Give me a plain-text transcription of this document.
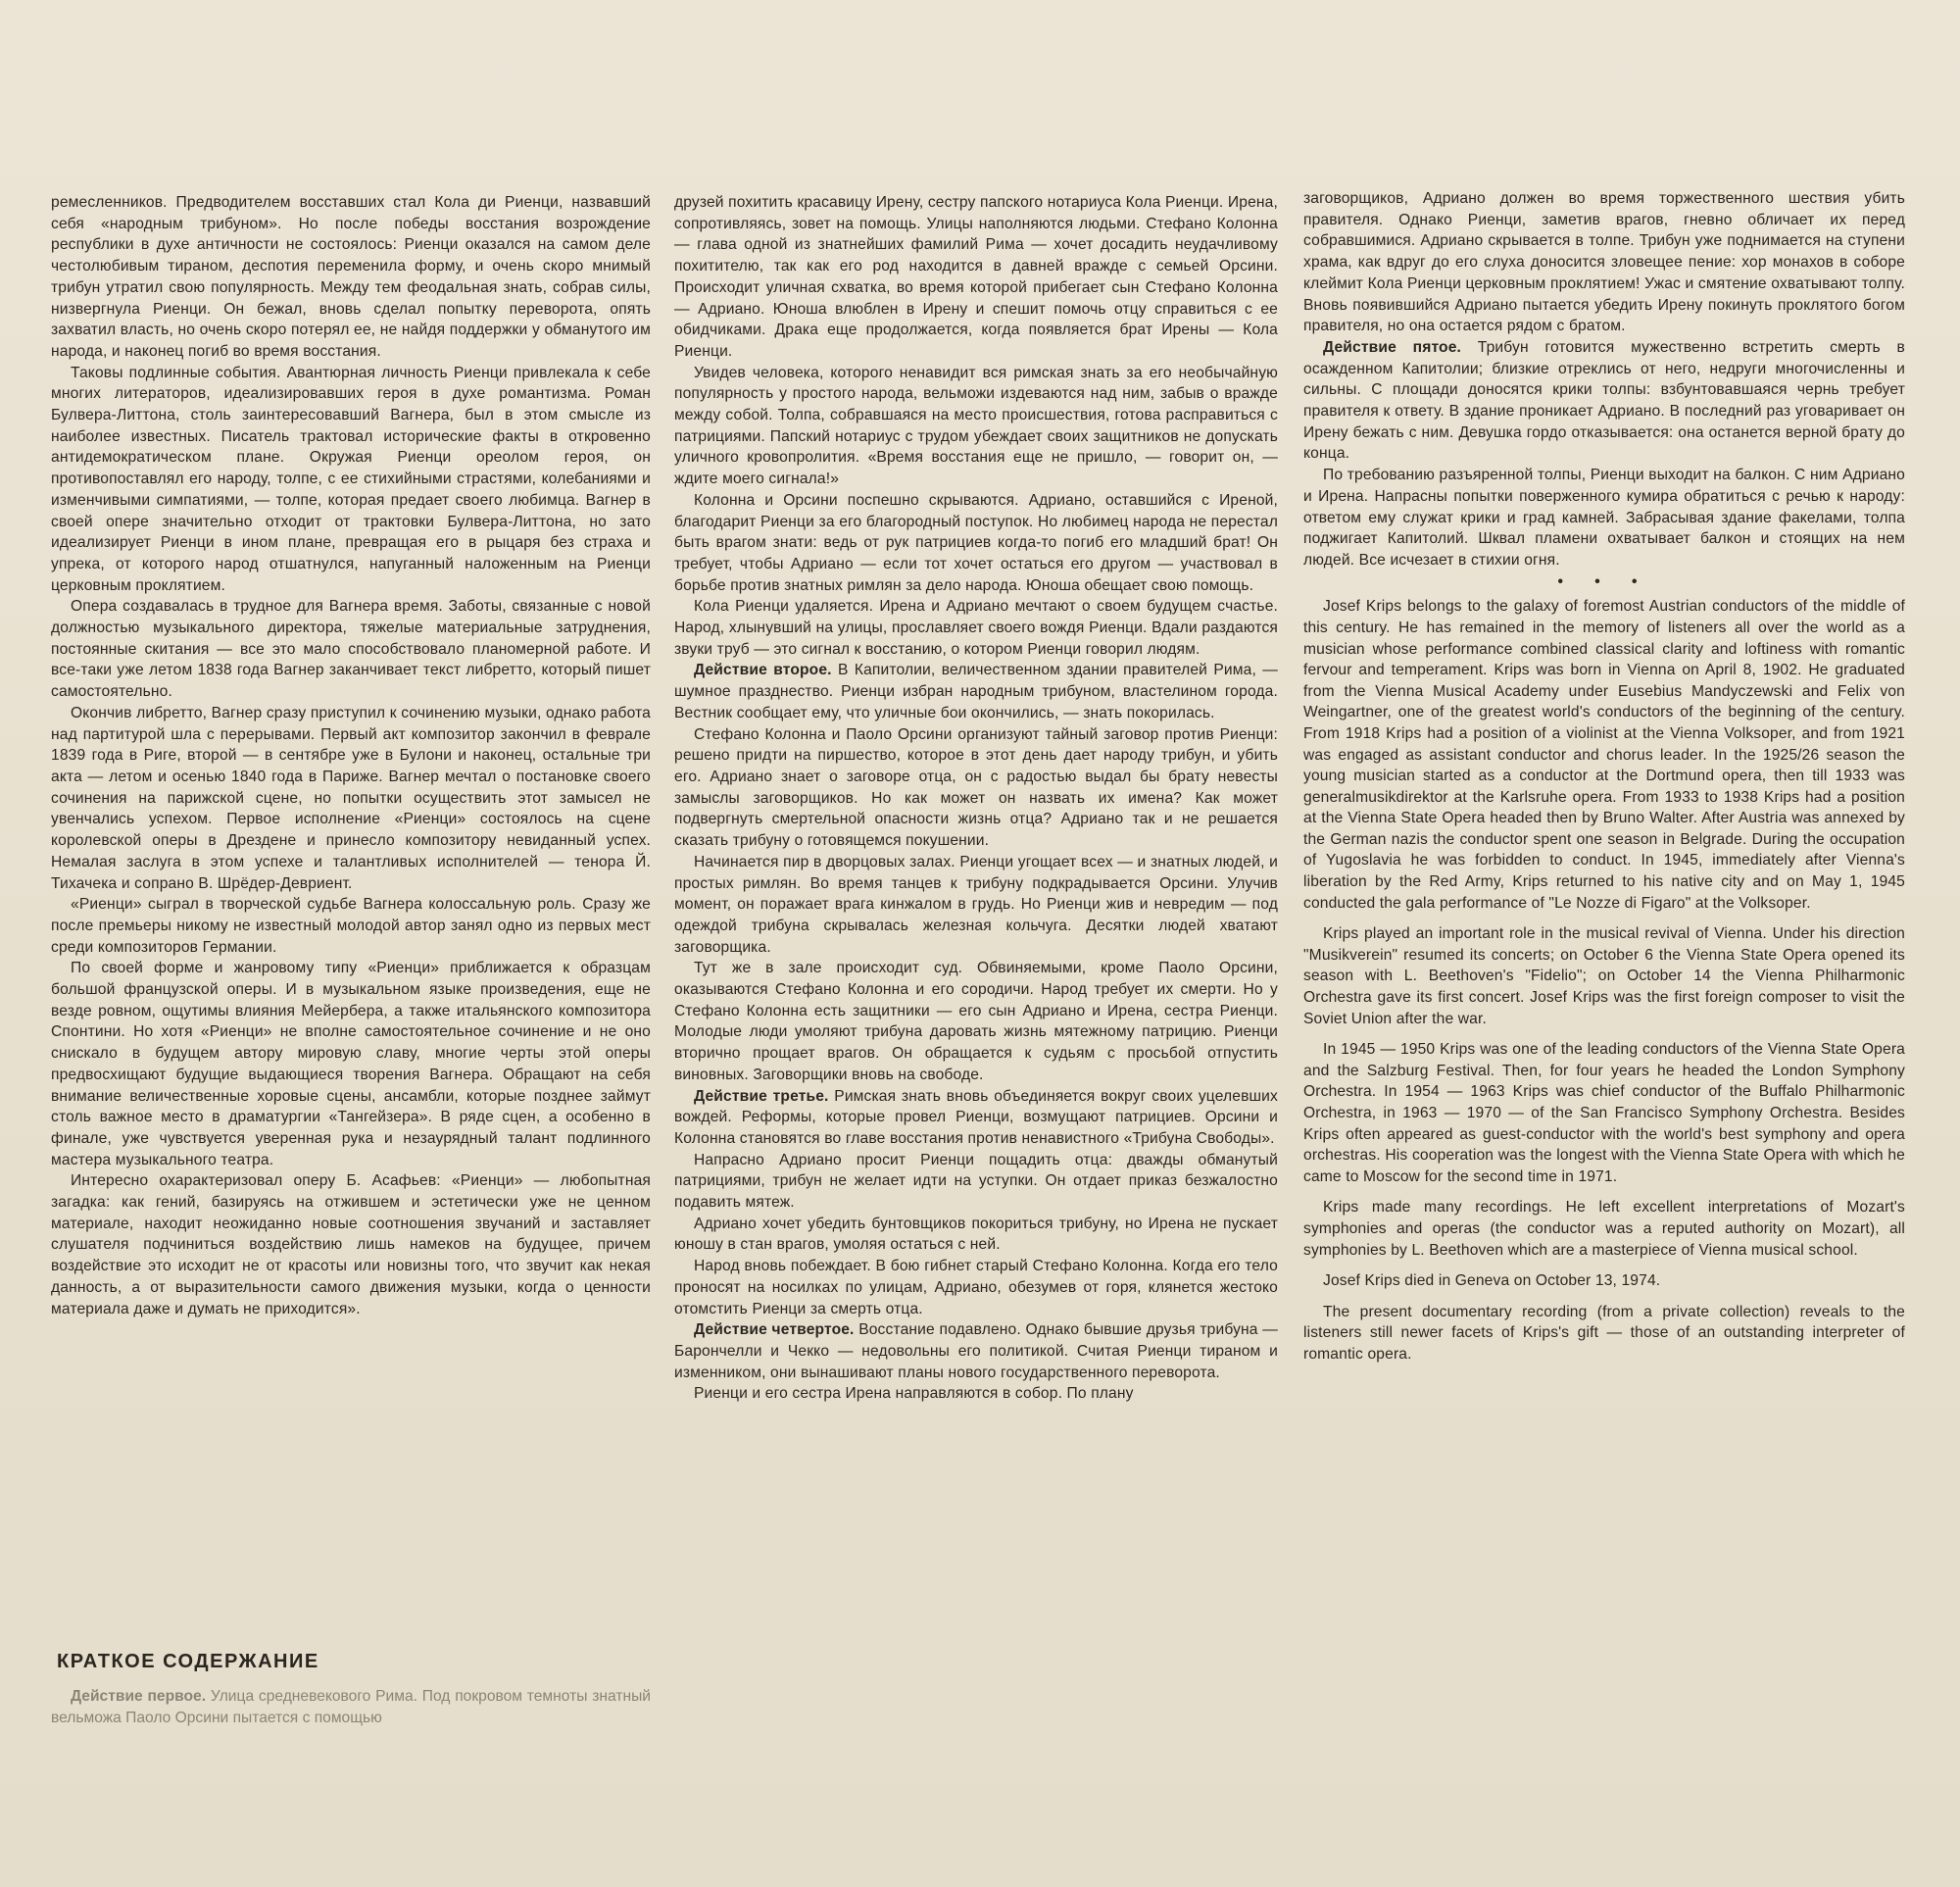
ремесленников. Предводителем восставших стал Кола ди Риенци, назвавший себя «народным трибуном». Но после победы восстания возрождение республики в духе античности не состоялось: Риенци оказался на самом деле честолюбивым тираном, деспотия переменила форму, и очень скоро мнимый трибун утратил свою популярность. Между тем феодальная знать, собрав силы, низвергнула Риенци. Он бежал, вновь сделал попытку переворота, опять захватил власть, но очень скоро потерял ее, не найдя поддержки у обманутого им народа, и наконец погиб во время восстания.

Таковы подлинные события. Авантюрная личность Риенци привлекала к себе многих литераторов, идеализировавших героя в духе романтизма. Роман Булвера-Литтона, столь заинтересовавший Вагнера, был в этом смысле из наиболее известных. Писатель трактовал исторические факты в откровенно антидемократическом плане. Окружая Риенци ореолом героя, он противопоставлял его народу, толпе, с ее стихийными страстями, колебаниями и изменчивыми симпатиями, — толпе, которая предает своего любимца. Вагнер в своей опере значительно отходит от трактовки Булвера-Литтона, но зато идеализирует Риенци в ином плане, превращая его в рыцаря без страха и упрека, от которого народ отшатнулся, напуганный наложенным на Риенци церковным проклятием.

Опера создавалась в трудное для Вагнера время. Заботы, связанные с новой должностью музыкального директора, тяжелые материальные затруднения, постоянные скитания — все это мало способствовало планомерной работе. И все-таки уже летом 1838 года Вагнер заканчивает текст либретто, который пишет самостоятельно.

Окончив либретто, Вагнер сразу приступил к сочинению музыки, однако работа над партитурой шла с перерывами. Первый акт композитор закончил в феврале 1839 года в Риге, второй — в сентябре уже в Булони и наконец, остальные три акта — летом и осенью 1840 года в Париже. Вагнер мечтал о постановке своего сочинения на парижской сцене, но попытки осуществить этот замысел не увенчались успехом. Первое исполнение «Риенци» состоялось на сцене королевской оперы в Дрездене и принесло композитору невиданный успех. Немалая заслуга в этом успехе и талантливых исполнителей — тенора Й. Тихачека и сопрано В. Шрёдер-Девриент.

«Риенци» сыграл в творческой судьбе Вагнера колоссальную роль. Сразу же после премьеры никому не известный молодой автор занял одно из первых мест среди композиторов Германии.

По своей форме и жанровому типу «Риенци» приближается к образцам большой французской оперы. И в музыкальном языке произведения, еще не везде ровном, ощутимы влияния Мейербера, а также итальянского композитора Спонтини. Но хотя «Риенци» не вполне самостоятельное сочинение и не оно снискало в будущем автору мировую славу, многие черты этой оперы предвосхищают будущие выдающиеся творения Вагнера. Обращают на себя внимание величественные хоровые сцены, ансамбли, которые позднее займут столь важное место в драматургии «Тангейзера». В ряде сцен, а особенно в финале, уже чувствуется уверенная рука и незаурядный талант подлинного мастера музыкального театра.

Интересно охарактеризовал оперу Б. Асафьев: «Риенци» — любопытная загадка: как гений, базируясь на отжившем и эстетически уже не ценном материале, находит неожиданно новые соотношения звучаний и заставляет слушателя подчиниться воздействию лишь намеков на будущее, причем воздействие это исходит не от красоты или новизны того, что звучит как некая данность, а от выразительности самого движения музыки, когда о ценности материала даже и думать не приходится».

КРАТКОЕ СОДЕРЖАНИЕ

Действие первое. Улица средневекового Рима. Под покровом темноты знатный вельможа Паоло Орсини пытается с помощью

друзей похитить красавицу Ирену, сестру папского нотариуса Кола Риенци. Ирена, сопротивляясь, зовет на помощь. Улицы наполняются людьми. Стефано Колонна — глава одной из знатнейших фамилий Рима — хочет досадить неудачливому похитителю, так как его род находится в давней вражде с семьей Орсини. Происходит уличная схватка, во время которой прибегает сын Стефано Колонна — Адриано. Юноша влюблен в Ирену и спешит помочь отцу справиться с ее обидчиками. Драка еще продолжается, когда появляется брат Ирены — Кола Риенци.

Увидев человека, которого ненавидит вся римская знать за его необычайную популярность у простого народа, вельможи издеваются над ним, забыв о вражде между собой. Толпа, собравшаяся на место происшествия, готова расправиться с патрициями. Папский нотариус с трудом убеждает своих защитников не допускать уличного кровопролития. «Время восстания еще не пришло, — говорит он, — ждите моего сигнала!»

Колонна и Орсини поспешно скрываются. Адриано, оставшийся с Иреной, благодарит Риенци за его благородный поступок. Но любимец народа не перестал быть врагом знати: ведь от рук патрициев когда-то погиб его младший брат! Он требует, чтобы Адриано — если тот хочет остаться его другом — участвовал в борьбе против знатных римлян за дело народа. Юноша обещает свою помощь.

Кола Риенци удаляется. Ирена и Адриано мечтают о своем будущем счастье. Народ, хлынувший на улицы, прославляет своего вождя Риенци. Вдали раздаются звуки труб — это сигнал к восстанию, о котором Риенци говорил людям.

Действие второе. В Капитолии, величественном здании правителей Рима, — шумное празднество. Риенци избран народным трибуном, властелином города. Вестник сообщает ему, что уличные бои окончились, — знать покорилась.

Стефано Колонна и Паоло Орсини организуют тайный заговор против Риенци: решено придти на пиршество, которое в этот день дает народу трибун, и убить его. Адриано знает о заговоре отца, он с радостью выдал бы брату невесты замыслы заговорщиков. Но как может он назвать их имена? Как может подвергнуть смертельной опасности жизнь отца? Адриано так и не решается сказать трибуну о готовящемся покушении.

Начинается пир в дворцовых залах. Риенци угощает всех — и знатных людей, и простых римлян. Во время танцев к трибуну подкрадывается Орсини. Улучив момент, он поражает врага кинжалом в грудь. Но Риенци жив и невредим — под одеждой трибуна скрывалась железная кольчуга. Десятки людей хватают заговорщика.

Тут же в зале происходит суд. Обвиняемыми, кроме Паоло Орсини, оказываются Стефано Колонна и его сородичи. Народ требует их смерти. Но у Стефано Колонна есть защитники — его сын Адриано и Ирена, сестра Риенци. Молодые люди умоляют трибуна даровать жизнь мятежному патрицию. Риенци вторично прощает врагов. Он обращается к судьям с просьбой отпустить виновных. Заговорщики вновь на свободе.

Действие третье. Римская знать вновь объединяется вокруг своих уцелевших вождей. Реформы, которые провел Риенци, возмущают патрициев. Орсини и Колонна становятся во главе восстания против ненавистного «Трибуна Свободы».

Напрасно Адриано просит Риенци пощадить отца: дважды обманутый патрициями, трибун не желает идти на уступки. Он отдает приказ безжалостно подавить мятеж.

Адриано хочет убедить бунтовщиков покориться трибуну, но Ирена не пускает юношу в стан врагов, умоляя остаться с ней.

Народ вновь побеждает. В бою гибнет старый Стефано Колонна. Когда его тело проносят на носилках по улицам, Адриано, обезумев от горя, клянется жестоко отомстить Риенци за смерть отца.

Действие четвертое. Восстание подавлено. Однако бывшие друзья трибуна — Барончелли и Чекко — недовольны его политикой. Считая Риенци тираном и изменником, они вынашивают планы нового государственного переворота.

Риенци и его сестра Ирена направляются в собор. По плану

заговорщиков, Адриано должен во время торжественного шествия убить правителя. Однако Риенци, заметив врагов, гневно обличает их перед собравшимися. Адриано скрывается в толпе. Трибун уже поднимается на ступени храма, как вдруг до его слуха доносится зловещее пение: хор монахов в соборе клеймит Кола Риенци церковным проклятием! Ужас и смятение охватывают толпу. Вновь появившийся Адриано пытается убедить Ирену покинуть проклятого богом правителя, но она остается рядом с братом.

Действие пятое. Трибун готовится мужественно встретить смерть в осажденном Капитолии; близкие отреклись от него, недруги многочисленны и сильны. С площади доносятся крики толпы: взбунтовавшаяся чернь требует правителя к ответу. В здание проникает Адриано. В последний раз уговаривает он Ирену бежать с ним. Девушка гордо отказывается: она останется верной брату до конца.

По требованию разъяренной толпы, Риенци выходит на балкон. С ним Адриано и Ирена. Напрасны попытки поверженного кумира обратиться с речью к народу: ответом ему служат крики и град камней. Забрасывая здание факелами, толпа поджигает Капитолий. Шквал пламени охватывает балкон и стоящих на нем людей. Все исчезает в стихии огня.

• • •

Josef Krips belongs to the galaxy of foremost Austrian conductors of the middle of this century. He has remained in the memory of listeners all over the world as a musician whose performance combined classical clarity and loftiness with romantic fervour and temperament. Krips was born in Vienna on April 8, 1902. He graduated from the Vienna Musical Academy under Eusebius Mandyczewski and Felix von Weingartner, one of the greatest world's conductors of the beginning of the century. From 1918 Krips had a position of a violinist at the Vienna Volksoper, and from 1921 was engaged as assistant conductor and chorus leader. In the 1925/26 season the young musician started as a conductor at the Dortmund opera, then till 1933 was generalmusikdirektor at the Karlsruhe opera. From 1933 to 1938 Krips had a position at the Vienna State Opera headed then by Bruno Walter. After Austria was annexed by the German nazis the conductor spent one season in Belgrade. During the occupation of Yugoslavia he was forbidden to conduct. In 1945, immediately after Vienna's liberation by the Red Army, Krips returned to his native city and on May 1, 1945 conducted the gala performance of "Le Nozze di Figaro" at the Volksoper.

Krips played an important role in the musical revival of Vienna. Under his direction "Musikverein" resumed its concerts; on October 6 the Vienna State Opera opened its season with L. Beethoven's "Fidelio"; on October 14 the Vienna Philharmonic Orchestra gave its first concert. Josef Krips was the first foreign composer to visit the Soviet Union after the war.

In 1945 — 1950 Krips was one of the leading conductors of the Vienna State Opera and the Salzburg Festival. Then, for four years he headed the London Symphony Orchestra. In 1954 — 1963 Krips was chief conductor of the Buffalo Philharmonic Orchestra, in 1963 — 1970 — of the San Francisco Symphony Orchestra. Besides Krips often appeared as guest-conductor with the world's best symphony and opera orchestras. His cooperation was the longest with the Vienna State Opera with which he came to Moscow for the second time in 1971.

Krips made many recordings. He left excellent interpretations of Mozart's symphonies and operas (the conductor was a reputed authority on Mozart), all symphonies by L. Beethoven which are a masterpiece of Vienna musical school.

Josef Krips died in Geneva on October 13, 1974.

The present documentary recording (from a private collection) reveals to the listeners still newer facets of Krips's gift — those of an outstanding interpreter of romantic opera.
